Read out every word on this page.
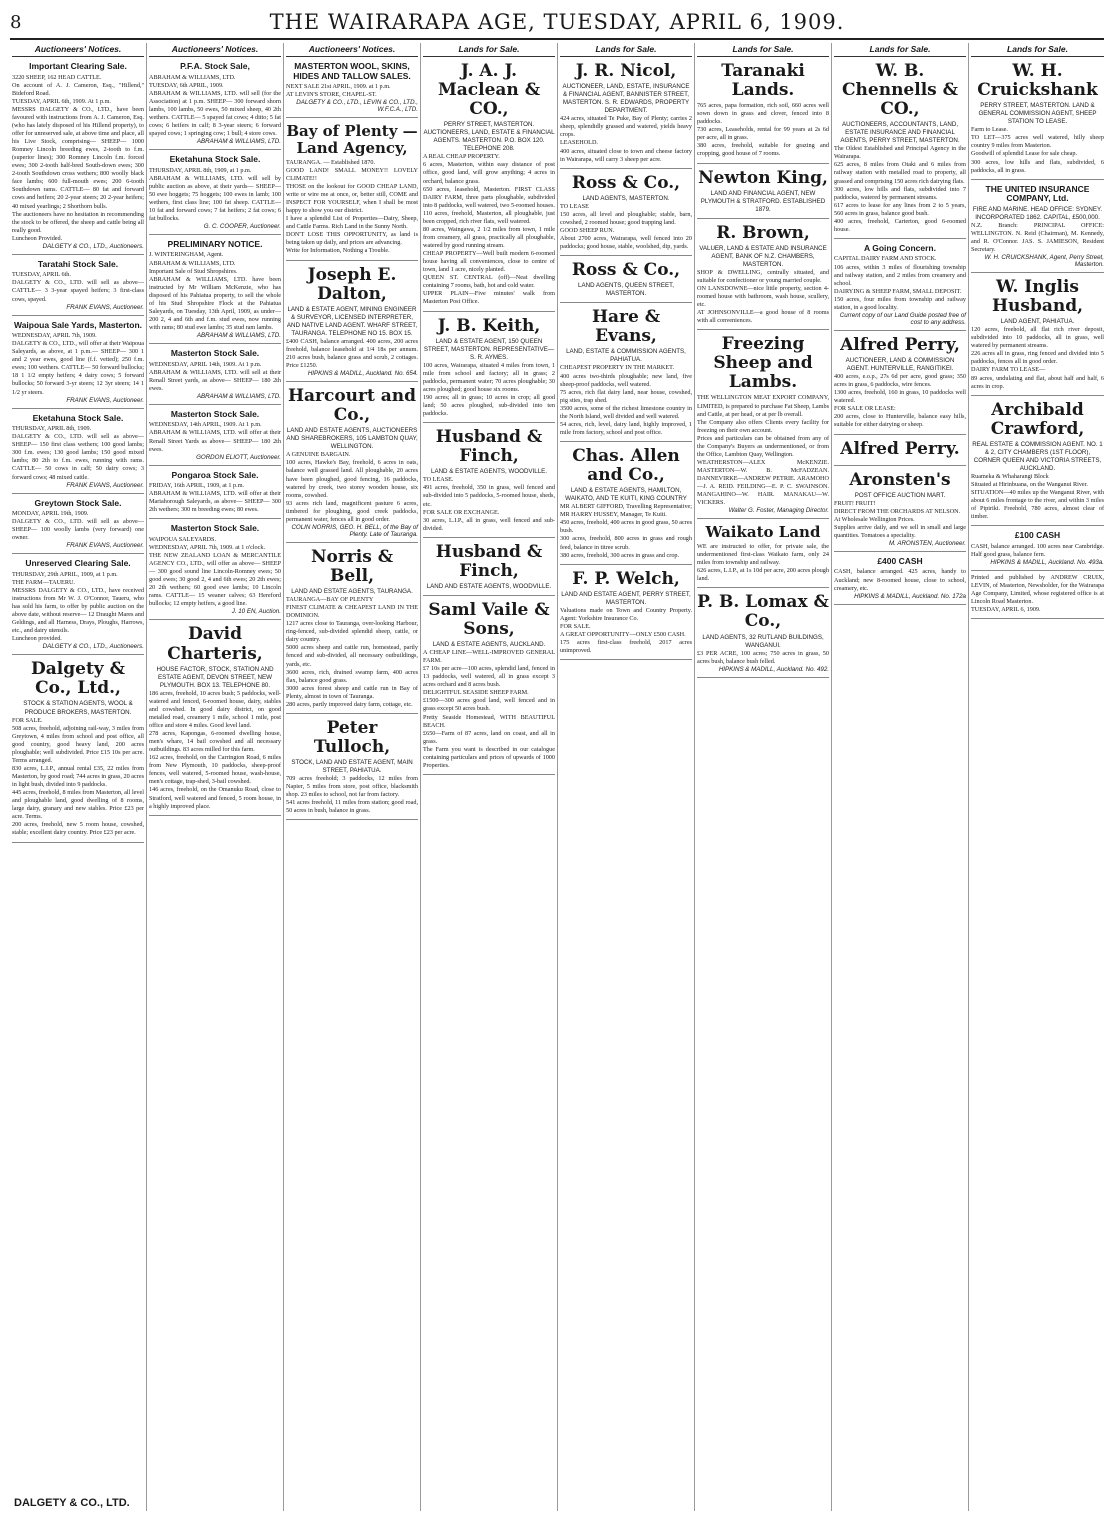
8	THE WAIRARAPA AGE, TUESDAY, APRIL 6, 1909.
Auctioneers' Notices.
Important Clearing Sale.
3220 SHEEP, 162 HEAD CATTLE.
On account of A. J. Cameron, Esq., "Hillend," Bideford Road.
TUESDAY, APRIL 6th, 1909. At 1 p.m.
MESSRS DALGETY & CO., LTD., have been favoured with instructions from A. J. Cameron, Esq. (who has lately disposed of his Hillend property), to offer for unreserved sale, at above time and place, all his Live Stock, comprising— SHEEP— 1000 Romney Lincoln breeding ewes, 2-tooth to f.m. (superior lines); 300 Romney Lincoln f.m. forced ewes; 300 2-tooth half-bred South-down ewes; 300 2-tooth Southdown cross wethers; 800 woolly black face lambs; 600 full-mouth ewes; 200 6-tooth Southdown rams. CATTLE— 80 fat and forward cows and heifers; 20 2-year steers; 20 2-year heifers; 40 mixed yearlings; 2 Shorthorn bulls.
The auctioneers have no hesitation in recommending the stock to be offered, the sheep and cattle being all really good.
Luncheon Provided.
DALGETY & CO., LTD., Auctioneers.
Taratahi Stock Sale.
TUESDAY, APRIL 6th.
DALGETY & CO., LTD. will sell as above— CATTLE— 3 3-year spayed heifers; 3 first-class cows, spayed.
FRANK EVANS, Auctioneer.
Waipoua Sale Yards, Masterton.
WEDNESDAY, APRIL 7th, 1909.
DALGETY & CO., LTD., will offer at their Waipoua Saleyards, as above, at 1 p.m.— SHEEP— 300 1 and 2 year ewes, good line (f.f. vetted); 250 f.m. ewes; 100 wethers. CATTLE— 50 forward bullocks; 18 1 1/2 empty heifers; 4 dairy cows; 5 forward bullocks; 50 forward 3-yr steers; 12 3yr steers; 14 1 1/2 yr steers.
FRANK EVANS, Auctioneer.
Eketahuna Stock Sale.
THURSDAY, APRIL 8th, 1909.
DALGETY & CO., LTD. will sell as above— SHEEP— 150 first class wethers; 100 good lambs; 300 f.m. ewes; 130 good lambs; 150 good mixed lambs; 80 2th to f.m. ewes, running with rams. CATTLE— 50 cows in calf; 50 dairy cows; 3 forward cows; 48 mixed cattle.
FRANK EVANS, Auctioneer.
Greytown Stock Sale.
MONDAY, APRIL 19th, 1909.
DALGETY & CO., LTD. will sell as above— SHEEP— 100 woolly lambs (very forward) one owner.
FRANK EVANS, Auctioneer.
Unreserved Clearing Sale.
THURSDAY, 29th APRIL, 1909, at 1 p.m.
THE FARM—TAUERU.
MESSRS DALGETY & CO., LTD., have received instructions from Mr W. J. O'Connor, Taueru, who has sold his farm, to offer by public auction on the above date, without reserve— 12 Draught Mares and Geldings, and all Harness, Drays, Ploughs, Harrows, etc., and dairy utensils.
Luncheon provided.
DALGETY & CO., LTD., Auctioneers.
Dalgety & Co., Ltd.,
STOCK & STATION AGENTS, WOOL & PRODUCE BROKERS, MASTERTON.
FOR SALE.
508 acres, freehold, adjoining rail-way, 3 miles from Greytown, 4 miles from school and post office, all good country, good heavy land, 200 acres ploughable; well subdivided. Price £15 10s per acre. Terms arranged.
830 acres, L.I.P., annual rental £35, 22 miles from Masterton, by good road; 744 acres in grass, 20 acres in light bush, divided into 9 paddocks.
445 acres, freehold, 8 miles from Masterton, all level and ploughable land, good dwelling of 8 rooms, large dairy, granary and new stables. Price £23 per acre. Terms.
200 acres, freehold, new 5 room house, cowshed, stable; excellent dairy country. Price £23 per acre.
Auctioneers' Notices.
P.F.A. Stock Sale,
ABRAHAM & WILLIAMS, LTD.
TUESDAY, 6th APRIL, 1909.
ABRAHAM & WILLIAMS, LTD. will sell (for the Association) at 1 p.m. SHEEP— 300 forward shorn lambs, 100 lambs, 50 ewes, 50 mixed sheep, 40 2th wethers. CATTLE— 5 spayed fat cows; 4 ditto; 5 fat cows; 6 heifers in calf; 8 3-year steers; 6 forward spayed cows; 1 springing cow; 1 bull; 4 store cows.
ABRAHAM & WILLIAMS, LTD.
Eketahuna Stock Sale.
THURSDAY, APRIL 8th, 1909, at 1 p.m.
ABRAHAM & WILLIAMS, LTD. will sell by public auction as above, at their yards— SHEEP— 50 ewe hoggets; 75 hoggets; 100 ewes in lamb; 100 wethers, first class line; 100 fat sheep. CATTLE— 10 fat and forward cows; 7 fat heifers; 2 fat cows; 6 fat bullocks.
G. C. COOPER, Auctioneer.
PRELIMINARY NOTICE.
J. WINTERINGHAM, Agent.
ABRAHAM & WILLIAMS, LTD.
Important Sale of Stud Shropshires.
ABRAHAM & WILLIAMS, LTD. have been instructed by Mr William McKenzie, who has disposed of his Pahiatua property, to sell the whole of his Stud Shropshire Flock at the Pahiatua Saleyards, on Tuesday, 13th April, 1909, as under— 200 2, 4 and 6th and f.m. stud ewes, now running with rams; 80 stud ewe lambs; 35 stud ram lambs.
ABRAHAM & WILLIAMS, LTD.
Masterton Stock Sale.
WEDNESDAY, APRIL 14th, 1909. At 1 p.m.
ABRAHAM & WILLIAMS, LTD. will sell at their Renall Street yards, as above— SHEEP— 180 2th ewes.
ABRAHAM & WILLIAMS, LTD.
Masterton Stock Sale.
WEDNESDAY, 14th APRIL, 1909. At 1 p.m.
ABRAHAM & WILLIAMS, LTD. will offer at their Renall Street Yards as above— SHEEP— 180 2th ewes.
GORDON ELIOTT, Auctioneer.
Pongaroa Stock Sale.
FRIDAY, 16th APRIL, 1909, at 1 p.m.
ABRAHAM & WILLIAMS, LTD. will offer at their Mariahorough Saleyards, as above— SHEEP— 300 2th wethers; 300 m breeding ewes; 80 ewes.
Masterton Stock Sale.
WAIPOUA SALEYARDS.
WEDNESDAY, APRIL 7th, 1909. at 1 o'clock.
THE NEW ZEALAND LOAN & MERCANTILE AGENCY CO., LTD., will offer as above— SHEEP— 300 good sound line Lincoln-Romney ewes; 50 good ewes; 30 good 2, 4 and 6th ewes; 20 2th ewes; 20 2th wethers; 60 good ewe lambs; 10 Lincoln rams. CATTLE— 15 weaner calves; 63 Hereford bullocks; 12 empty heifers, a good line.
J. 10 EN, Auction.
David Charteris,
HOUSE FACTOR, STOCK, STATION AND ESTATE AGENT, DEVON STREET, NEW PLYMOUTH. BOX 13. TELEPHONE 80.
186 acres, freehold, 10 acres bush; 5 paddocks, well-watered and fenced, 6-roomed house, dairy, stables and cowshed. In good dairy district, on good metalled road, creamery 1 mile, school 1 mile, post office and store 4 miles. Good level land.
278 acres, Kapongas, 6-roomed dwelling house, men's whare, 14 bail cowshed and all necessary outbuildings. 83 acres milled for this farm.
162 acres, freehold, on the Carrington Road, 6 miles from New Plymouth, 10 paddocks, sheep-proof fences, well watered, 5-roomed house, wash-house, men's cottage, trap-shed, 3-bail cowshed.
146 acres, freehold, on the Omanuku Road, close to Stratford, well watered and fenced, 5 room house, in a highly improved place.
Auctioneers' Notices.
MASTERTON WOOL, SKINS, HIDES AND TALLOW SALES.
NEXT SALE 21st APRIL, 1909. at 1 p.m.
AT LEVIN'S STORE, CHAPEL-ST.
DALGETY & CO., LTD., LEVIN & CO., LTD., W.F.C.A., LTD.
Bay of Plenty — Land Agency,
TAURANGA. — Established 1870.
GOOD LAND! SMALL MONEY!! LOVELY CLIMATE!!
THOSE on the lookout for GOOD CHEAP LAND, write or wire me at once, or, better still, COME and INSPECT FOR YOURSELF, when I shall be most happy to show you our district.
I have a splendid List of Properties—Dairy, Sheep, and Cattle Farms. Rich Land in the Sunny North.
DON'T LOSE THIS OPPORTUNITY, as land is being taken up daily, and prices are advancing.
Write for Information, Nothing a Trouble.
Joseph E. Dalton,
LAND & ESTATE AGENT, MINING ENGINEER & SURVEYOR, LICENSED INTERPRETER, AND NATIVE LAND AGENT. WHARF STREET, TAURANGA. TELEPHONE NO 15. BOX 15.
£400 CASH, balance arranged. 400 acres, 200 acres freehold, balance leasehold at 1/4 18s per annum. 210 acres bush, balance grass and scrub, 2 cottages. Price £1250.
HIPKINS & MADILL, Auckland. No. 654.
Harcourt and Co.,
LAND AND ESTATE AGENTS, AUCTIONEERS AND SHAREBROKERS, 105 LAMBTON QUAY, WELLINGTON.
A GENUINE BARGAIN.
100 acres, Hawke's Bay, freehold, 6 acres in oats, balance well grassed land. All ploughable, 20 acres have been ploughed, good fencing, 16 paddocks, watered by creek, two storey wooden house, six rooms, cowshed.
93 acres rich land, magnificent pasture 6 acres, timbered for ploughing, good creek paddocks, permanent water, fences all in good order.
COLIN NORRIS, GEO. H. BELL, of the Bay of Plenty. Late of Tauranga.
Norris & Bell,
LAND AND ESTATE AGENTS, TAURANGA.
TAURANGA—BAY OF PLENTY
FINEST CLIMATE & CHEAPEST LAND IN THE DOMINION.
1217 acres close to Tauranga, over-looking Harbour, ring-fenced, sub-divided splendid sheep, cattle, or dairy country.
5000 acres sheep and cattle run, homestead, partly fenced and sub-divided, all necessary outbuildings, yards, etc.
3600 acres, rich, drained swamp farm, 400 acres flax, balance good grass.
3000 acres forest sheep and cattle run in Bay of Plenty, almost in town of Tauranga.
280 acres, partly improved dairy farm, cottage, etc.
Peter Tulloch,
STOCK, LAND AND ESTATE AGENT, MAIN STREET, PAHIATUA.
709 acres freehold; 3 paddocks, 12 miles from Napier, 5 miles from store, post office, blacksmith shop. 23 miles to school, not far from factory.
541 acres freehold, 11 miles from station; good road, 50 acres in bush, balance in grass.
Lands for Sale.
J. A. J. Maclean & CO.,
PERRY STREET, MASTERTON. AUCTIONEERS, LAND, ESTATE & FINANCIAL AGENTS. MASTERTON. P.O. BOX 120. TELEPHONE 208.
A REAL CHEAP PROPERTY.
6 acres, Masterton, within easy distance of post office, good land, will grow anything; 4 acres in orchard, balance grass.
650 acres, leasehold, Masterton. FIRST CLASS DAIRY FARM, three parts ploughable, subdivided into 8 paddocks, well watered, two 5-roomed houses.
110 acres, freehold, Masterton, all ploughable, just been cropped, rich river flats, well watered.
80 acres, Waingawa, 2 1/2 miles from town, 1 mile from creamery, all grass, practically all ploughable, watered by good running stream.
CHEAP PROPERTY—Well built modern 6-roomed house having all conveniences, close to centre of town, land 1 acre, nicely planted.
QUEEN ST. CENTRAL (off)—Neat dwelling containing 7 rooms, bath, hot and cold water.
UPPER PLAIN—Five minutes' walk from Masterton Post Office.
J. B. Keith,
LAND & ESTATE AGENT, 150 QUEEN STREET, MASTERTON. REPRESENTATIVE—S. R. AYMES.
100 acres, Wairarapa, situated 4 miles from town, 1 mile from school and factory; all in grass; 2 paddocks, permanent water; 70 acres ploughable; 30 acres ploughed; good house six rooms.
190 acres; all in grass; 10 acres in crop; all good land; 50 acres ploughed, sub-divided into ten paddocks.
Husband & Finch,
LAND & ESTATE AGENTS, WOODVILLE.
TO LEASE.
491 acres, freehold, 350 in grass, well fenced and sub-divided into 5 paddocks, 5-roomed house, sheds, etc.
FOR SALE OR EXCHANGE.
30 acres, L.I.P., all in grass, well fenced and sub-divided.
Husband & Finch,
LAND AND ESTATE AGENTS, WOODVILLE.
Saml Vaile & Sons,
LAND & ESTATE AGENTS, AUCKLAND.
A CHEAP LINE—WELL-IMPROVED GENERAL FARM.
£7 10s per acre—100 acres, splendid land, fenced in 13 paddocks, well watered, all in grass except 3 acres orchard and 8 acres bush.
DELIGHTFUL SEASIDE SHEEP FARM.
£1500—300 acres good land, well fenced and in grass except 50 acres bush.
Pretty Seaside Homestead, WITH BEAUTIFUL BEACH.
£650—Farm of 87 acres, land on coast, and all in grass.
The Farm you want is described in our catalogue containing particulars and prices of upwards of 1000 Properties.
Lands for Sale.
J. R. Nicol,
AUCTIONEER, LAND, ESTATE, INSURANCE & FINANCIAL AGENT, BANNISTER STREET, MASTERTON. S. R. EDWARDS, PROPERTY DEPARTMENT.
424 acres, situated Te Puke, Bay of Plenty; carries 2 sheep, splendidly grassed and watered, yields heavy crops.
LEASEHOLD.
400 acres, situated close to town and cheese factory in Wairarapa, will carry 3 sheep per acre.
Ross & Co.,
LAND AGENTS, MASTERTON.
TO LEASE
150 acres, all level and ploughable; stable, barn, cowshed, 2 roomed house; good trapping land.
GOOD SHEEP RUN.
About 2700 acres, Wairarapa, well fenced into 20 paddocks; good house, stable, woolshed, dip, yards.
Ross & Co.,
LAND AGENTS, QUEEN STREET, MASTERTON.
Hare & Evans,
LAND, ESTATE & COMMISSION AGENTS, PAHIATUA.
CHEAPEST PROPERTY IN THE MARKET.
400 acres two-thirds ploughable; new land, five sheep-proof paddocks, well watered.
75 acres, rich flat dairy land, near house, cowshed, pig sties, trap shed.
3500 acres, some of the richest limestone country in the North Island, well divided and well watered.
54 acres, rich, level, dairy land, highly improved, 1 mile from factory, school and post office.
Chas. Allen and Co.,
LAND & ESTATE AGENTS, HAMILTON, WAIKATO, AND TE KUITI, KING COUNTRY
MR ALBERT GIFFORD, Travelling Representative; MR HARRY HUSSEY, Manager, Te Kuiti.
450 acres, freehold, 400 acres in good grass, 50 acres bush.
300 acres, freehold, 800 acres in grass and rough feed, balance in titree scrub.
380 acres, freehold, 300 acres in grass and crop.
F. P. Welch,
LAND AND ESTATE AGENT, PERRY STREET, MASTERTON.
Valuations made on Town and Country Property. Agent: Yorkshire Insurance Co.
FOR SALE.
A GREAT OPPORTUNITY—ONLY £500 CASH.
175 acres first-class freehold, 2017 acres unimproved.
Lands for Sale.
Taranaki Lands.
765 acres, papa formation, rich soil, 660 acres well sown down in grass and clover, fenced into 8 paddocks.
730 acres, Leaseholds, rental for 99 years at 2s 6d per acre, all in grass.
380 acres, freehold, suitable for grazing and cropping, good house of 7 rooms.
Newton King,
LAND AND FINANCIAL AGENT, NEW PLYMOUTH & STRATFORD. ESTABLISHED 1879.
R. Brown,
VALUER, LAND & ESTATE AND INSURANCE AGENT, BANK OF N.Z. CHAMBERS, MASTERTON.
SHOP & DWELLING, centrally situated, and suitable for confectioner or young married couple.
ON LANSDOWNE—nice little property, section 4-roomed house with bathroom, wash house, scullery, etc.
AT JOHNSONVILLE—a good house of 8 rooms with all conveniences.
Freezing Sheep and Lambs.
THE WELLINGTON MEAT EXPORT COMPANY, LIMITED, is prepared to purchase Fat Sheep, Lambs and Cattle, at per head, or at per lb overall.
The Company also offers Clients every facility for freezing on their own account.
Prices and particulars can be obtained from any of the Company's Buyers as undermentioned, or from the Office, Lambton Quay, Wellington.
WEATHERSTON—ALEX McKENZIE. MASTERTON—W. B. McFADZEAN. DANNEVIRKE—ANDREW PETRIE. ARAMOHO—J. A. REID. FEILDING—E. P. C. SWAINSON. MANGAHINO—W. HAIR. MANAKAU—W. VICKERS.
Walter G. Foster, Managing Director.
Waikato Land
WE are instructed to offer, for private sale, the undermentioned first-class Waikato farm, only 24 miles from township and railway.
626 acres, L.I.P., at 1s 10d per acre, 200 acres plough land.
P. B. Lomax & Co.,
LAND AGENTS, 32 RUTLAND BUILDINGS, WANGANUI.
£3 PER ACRE, 100 acres; 750 acres in grass, 50 acres bush, balance bush felled.
HIPKINS & MADILL, Auckland. No. 492.
Lands for Sale.
W. B. Chennells & CO.,
AUCTIONEERS, ACCOUNTANTS, LAND, ESTATE INSURANCE AND FINANCIAL AGENTS, PERRY STREET, MASTERTON.
The Oldest Established and Principal Agency in the Wairarapa.
625 acres, 8 miles from Otaki and 6 miles from railway station with metalled road to property, all grassed and comprising 150 acres rich dairying flats.
300 acres, low hills and flats, subdivided into 7 paddocks, watered by permanent streams.
617 acres to lease for any lines from 2 to 5 years, 560 acres in grass, balance good bush.
400 acres, freehold, Carterton, good 6-roomed house.
A Going Concern.
CAPITAL DAIRY FARM AND STOCK.
106 acres, within 3 miles of flourishing township and railway station, and 2 miles from creamery and school.
DAIRYING & SHEEP FARM, SMALL DEPOSIT.
150 acres, four miles from township and railway station, in a good locality.
Current copy of our Land Guide posted free of cost to any address.
Alfred Perry,
AUCTIONEER, LAND & COMMISSION AGENT. HUNTERVILLE, RANGITIKEI.
400 acres, e.o.p., 27s 6d per acre, good grass; 350 acres in grass, 6 paddocks, wire fences.
1300 acres, freehold, 160 in grass, 10 paddocks well watered.
FOR SALE OR LEASE:
200 acres, close to Hunterville, balance easy hills, suitable for either dairying or sheep.
Alfred Perry.
Aronsten's
POST OFFICE AUCTION MART.
FRUIT! FRUIT!
DIRECT FROM THE ORCHARDS AT NELSON.
At Wholesale Wellington Prices.
Supplies arrive daily, and we sell in small and large quantities. Tomatoes a speciality.
M. ARONSTEN, Auctioneer.
£400 CASH
CASH, balance arranged. 425 acres, handy to Auckland; new 8-roomed house, close to school, creamery, etc.
HIPKINS & MADILL, Auckland. No. 172a
Lands for Sale.
W. H. Cruickshank
PERRY STREET, MASTERTON. LAND & GENERAL COMMISSION AGENT, SHEEP STATION TO LEASE.
Farm to Lease.
TO LET—375 acres well watered, hilly sheep country 9 miles from Masterton.
Goodwill of splendid Lease for sale cheap.
300 acres, low hills and flats, subdivided, 6 paddocks, all in grass.
THE UNITED INSURANCE COMPANY, Ltd.
FIRE AND MARINE. HEAD OFFICE: SYDNEY. INCORPORATED 1862. CAPITAL, £500,000.
N.Z. Branch: PRINCIPAL OFFICE: WELLINGTON. N. Reid (Chairman), M. Kennedy, and R. O'Connor. JAS. S. JAMIESON, Resident Secretary.
W. H. CRUICKSHANK, Agent, Perry Street, Masterton.
W. Inglis Husband,
LAND AGENT, PAHIATUA.
120 acres, freehold, all flat rich river deposit, subdivided into 10 paddocks, all in grass, well watered by permanent streams.
226 acres all in grass, ring fenced and divided into 5 paddocks, fences all in good order.
DAIRY FARM TO LEASE—
89 acres, undulating and flat, about half and half, 6 acres in crop.
Archibald Crawford,
REAL ESTATE & COMMISSION AGENT. NO. 1 & 2, CITY CHAMBERS (1ST FLOOR), CORNER QUEEN AND VICTORIA STREETS, AUCKLAND.
Ruameka & Whaharangi Block
Situated at Hirinbuana, on the Wanganui River.
SITUATION—40 miles up the Wanganui River, with about 6 miles frontage to the river, and within 3 miles of Pipiriki. Freehold, 780 acres, almost clear of timber.
£100 CASH
CASH, balance arranged. 100 acres near Cambridge. Half good grass, balance fern.
HIPKINS & MADILL, Auckland. No. 493a.
Printed and published by ANDREW CRUIX, LEVIN, of Masterton, Newsholder, for the Wairarapa Age Company, Limited, whose registered office is at Lincoln Road Masterton.
TUESDAY, APRIL 6, 1909.
DALGETY & CO., LTD.
